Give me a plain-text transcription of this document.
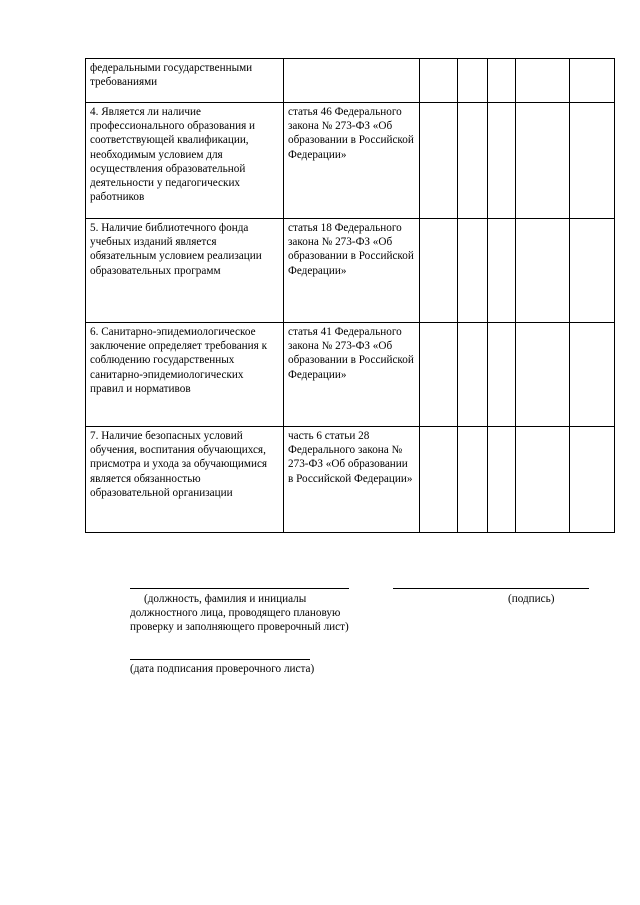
федеральными государственными требованиями						
4. Является ли наличие профессионального образования и соответствующей квалификации, необходимым условием для осуществления образовательной деятельности у педагогических работников	статья 46 Федерального закона № 273-ФЗ «Об образовании в Российской Федерации»					
5. Наличие библиотечного фонда учебных изданий является обязательным условием реализации образовательных программ	статья 18 Федерального закона № 273-ФЗ «Об образовании в Российской Федерации»					
6. Санитарно-эпидемиологическое заключение определяет требования к соблюдению государственных санитарно-эпидемиологических правил и нормативов	статья 41 Федерального закона № 273-ФЗ «Об образовании в Российской Федерации»					
7. Наличие безопасных условий обучения, воспитания обучающихся, присмотра и ухода за обучающимися является обязанностью образовательной организации	часть 6 статьи 28 Федерального закона № 273-ФЗ «Об образовании в Российской Федерации»					
(должность, фамилия и инициалы
должностного лица, проводящего плановую
проверку и заполняющего проверочный лист)
(подпись)
(дата подписания проверочного листа)
